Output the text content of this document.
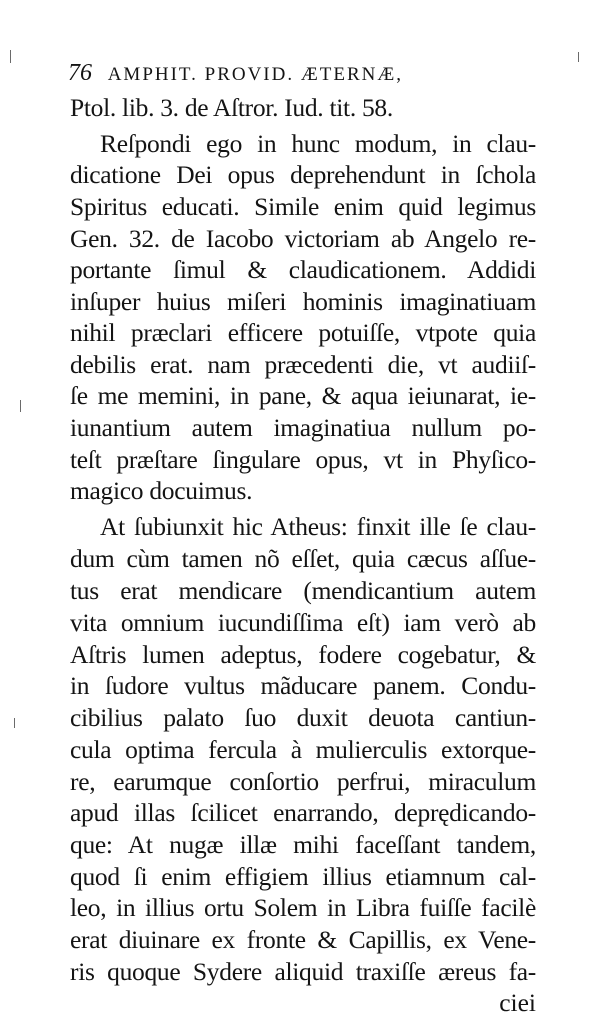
76 AMPHIT. PROVID. ÆTERNÆ,
Ptol. lib. 3. de Aſtror. Iud. tit. 58.
Reſpondi ego in hunc modum, in clau-
dicatione Dei opus deprehendunt in ſchola
Spiritus educati. Simile enim quid legimus
Gen. 32. de Iacobo victoriam ab Angelo re-
portante ſimul & claudicationem. Addidi
inſuper huius miſeri hominis imaginatiuam
nihil præclari efficere potuiſſe, vtpote quia
debilis erat. nam præcedenti die, vt audiiſ-
ſe me memini, in pane, & aqua ieiunarat, ie-
iunantium autem imaginatiua nullum po-
teſt præſtare ſingulare opus, vt in Phyſico-
magico docuimus.
At ſubiunxit hic Atheus: finxit ille ſe clau-
dum cùm tamen nõ eſſet, quia cæcus aſſue-
tus erat mendicare (mendicantium autem
vita omnium iucundiſſima eſt) iam verò ab
Aſtris lumen adeptus, fodere cogebatur, &
in ſudore vultus mãducare panem. Condu-
cibilius palato ſuo duxit deuota cantiun-
cula optima fercula à mulierculis extorque-
re, earumque conſortio perfrui, miraculum
apud illas ſcilicet enarrando, deprędicando-
que: At nugæ illæ mihi faceſſant tandem,
quod ſi enim effigiem illius etiamnum cal-
leo, in illius ortu Solem in Libra fuiſſe facilè
erat diuinare ex fronte & Capillis, ex Vene-
ris quoque Sydere aliquid traxiſſe æreus fa-
ciei
